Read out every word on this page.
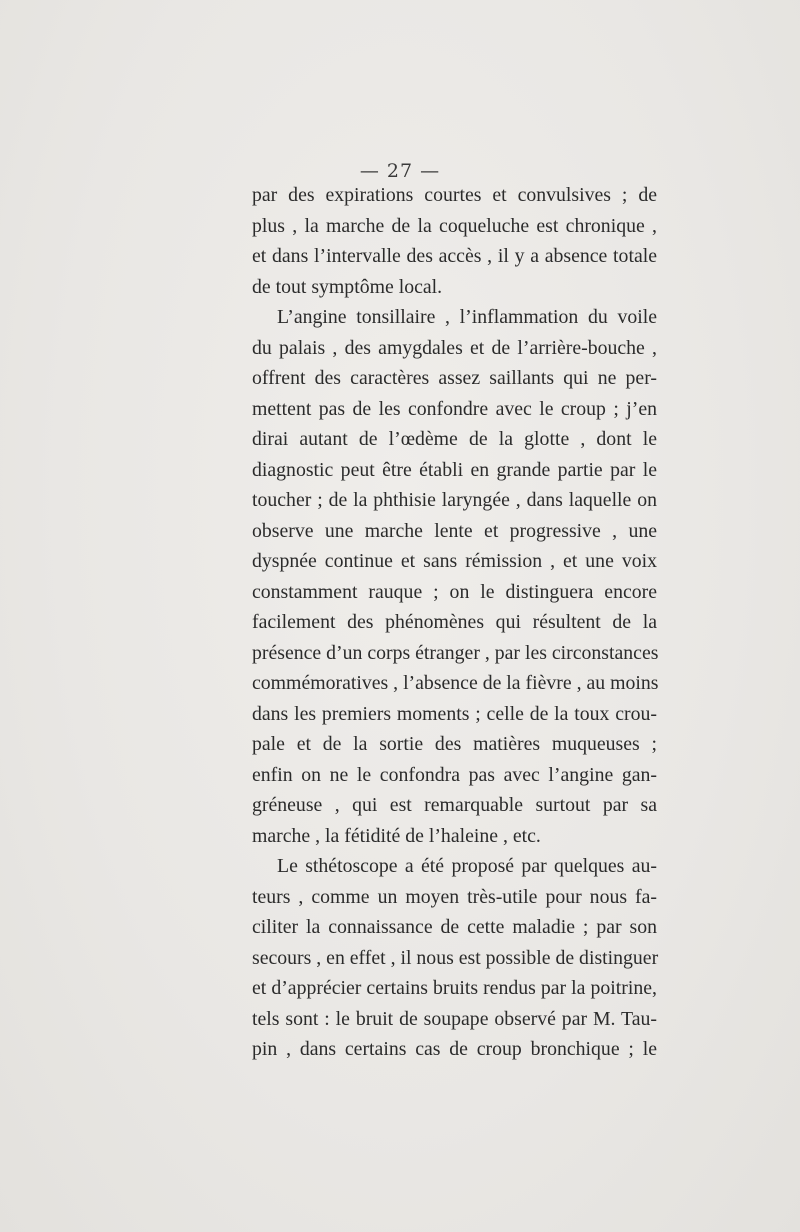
— 27 —
par des expirations courtes et convulsives ; de
plus , la marche de la coqueluche est chronique ,
et dans l’intervalle des accès , il y a absence totale
de tout symptôme local.
L’angine tonsillaire , l’inflammation du voile
du palais , des amygdales et de l’arrière-bouche ,
offrent des caractères assez saillants qui ne per-
mettent pas de les confondre avec le croup ; j’en
dirai autant de l’œdème de la glotte , dont le
diagnostic peut être établi en grande partie par le
toucher ; de la phthisie laryngée , dans laquelle on
observe une marche lente et progressive , une
dyspnée continue et sans rémission , et une voix
constamment rauque ; on le distinguera encore
facilement des phénomènes qui résultent de la
présence d’un corps étranger , par les circonstances
commémoratives , l’absence de la fièvre , au moins
dans les premiers moments ; celle de la toux crou-
pale et de la sortie des matières muqueuses ;
enfin on ne le confondra pas avec l’angine gan-
gréneuse , qui est remarquable surtout par sa
marche , la fétidité de l’haleine , etc.
Le sthétoscope a été proposé par quelques au-
teurs , comme un moyen très-utile pour nous fa-
ciliter la connaissance de cette maladie ; par son
secours , en effet , il nous est possible de distinguer
et d’apprécier certains bruits rendus par la poitrine,
tels sont : le bruit de soupape observé par M. Tau-
pin , dans certains cas de croup bronchique ; le
